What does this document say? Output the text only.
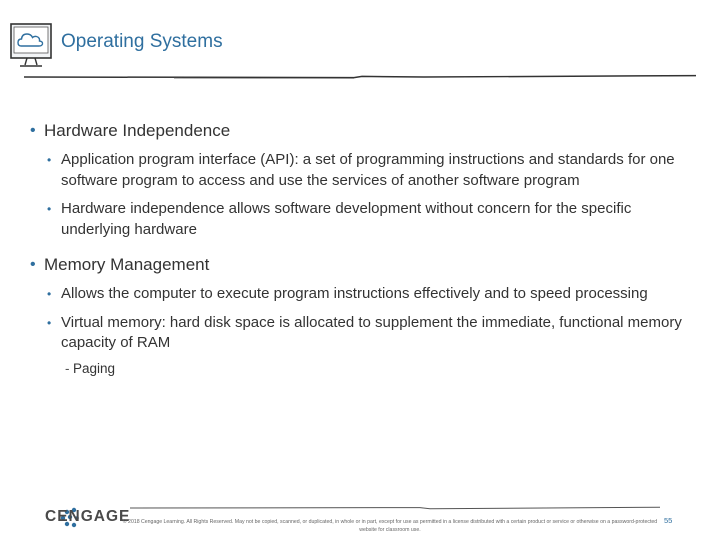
Operating Systems
• Hardware Independence
• Application program interface (API): a set of programming instructions and standards for one software program to access and use the services of another software program
• Hardware independence allows software development without concern for the specific underlying hardware
• Memory Management
• Allows the computer to execute program instructions effectively and to speed processing
• Virtual memory: hard disk space is allocated to supplement the immediate, functional memory capacity of RAM
- Paging
CENGAGE
© 2018 Cengage Learning. All Rights Reserved. May not be copied, scanned, or duplicated, in whole or in part, except for use as permitted in a license distributed with a certain product or service or otherwise on a password-protected website for classroom use.
55
